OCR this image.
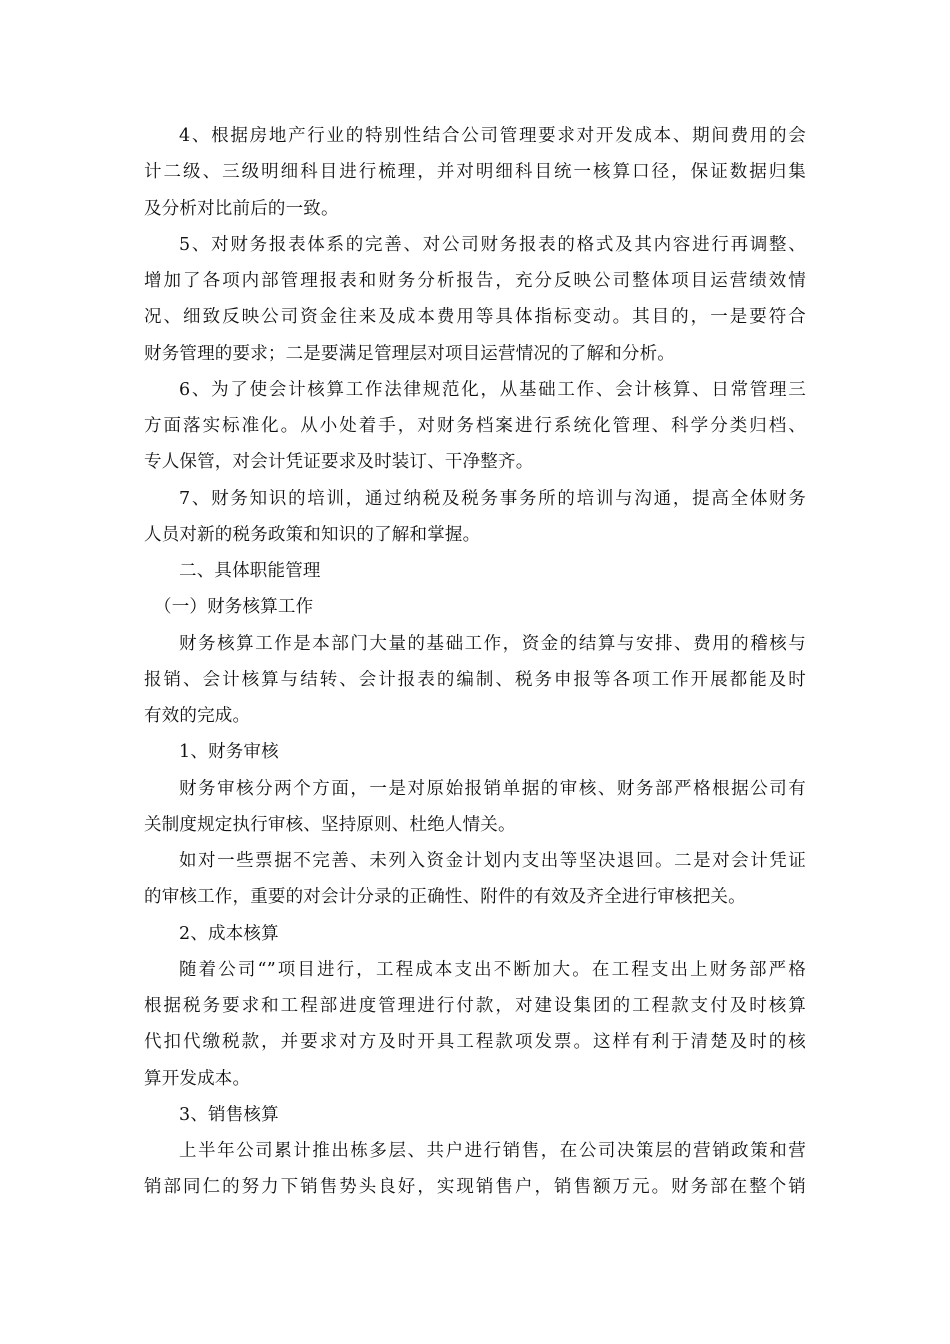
4、根据房地产行业的特别性结合公司管理要求对开发成本、期间费用的会
计二级、三级明细科目进行梳理，并对明细科目统一核算口径，保证数据归集
及分析对比前后的一致。
5、对财务报表体系的完善、对公司财务报表的格式及其内容进行再调整、
增加了各项内部管理报表和财务分析报告，充分反映公司整体项目运营绩效情
况、细致反映公司资金往来及成本费用等具体指标变动。其目的，一是要符合
财务管理的要求；二是要满足管理层对项目运营情况的了解和分析。
6、为了使会计核算工作法律规范化，从基础工作、会计核算、日常管理三
方面落实标准化。从小处着手，对财务档案进行系统化管理、科学分类归档、
专人保管，对会计凭证要求及时装订、干净整齐。
7、财务知识的培训，通过纳税及税务事务所的培训与沟通，提高全体财务
人员对新的税务政策和知识的了解和掌握。
二、具体职能管理
（一）财务核算工作
财务核算工作是本部门大量的基础工作，资金的结算与安排、费用的稽核与
报销、会计核算与结转、会计报表的编制、税务申报等各项工作开展都能及时
有效的完成。
1、财务审核
财务审核分两个方面，一是对原始报销单据的审核、财务部严格根据公司有
关制度规定执行审核、坚持原则、杜绝人情关。
如对一些票据不完善、未列入资金计划内支出等坚决退回。二是对会计凭证
的审核工作，重要的对会计分录的正确性、附件的有效及齐全进行审核把关。
2、成本核算
随着公司“”项目进行，工程成本支出不断加大。在工程支出上财务部严格
根据税务要求和工程部进度管理进行付款，对建设集团的工程款支付及时核算
代扣代缴税款，并要求对方及时开具工程款项发票。这样有利于清楚及时的核
算开发成本。
3、销售核算
上半年公司累计推出栋多层、共户进行销售，在公司决策层的营销政策和营
销部同仁的努力下销售势头良好，实现销售户，销售额万元。财务部在整个销
